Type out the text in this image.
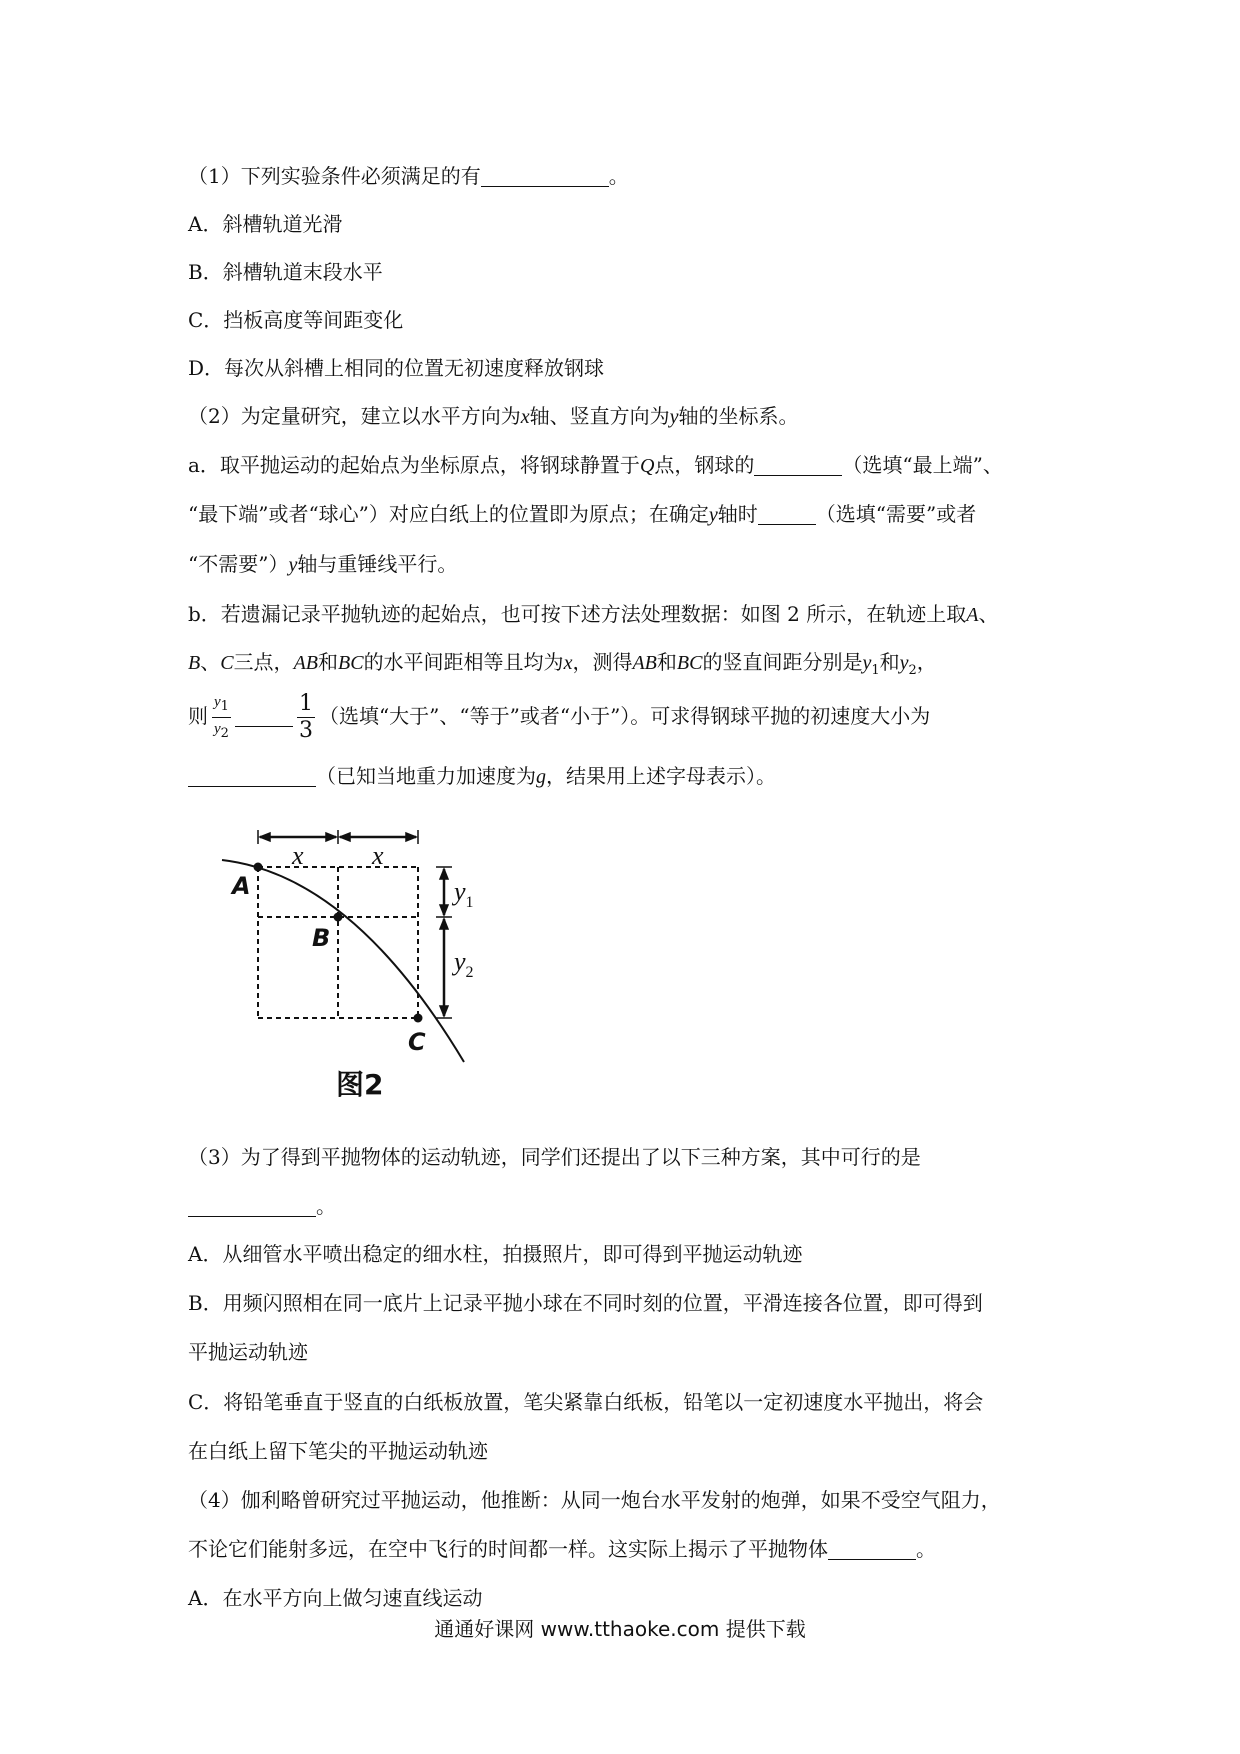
（1）下列实验条件必须满足的有	。
A．斜槽轨道光滑
B．斜槽轨道末段水平
C．挡板高度等间距变化
D．每次从斜槽上相同的位置无初速度释放钢球
（2）为定量研究，建立以水平方向为x轴、竖直方向为y轴的坐标系。
a．取平抛运动的起始点为坐标原点，将钢球静置于Q点，钢球的	（选填“最上端”、
“最下端”或者“球心”）对应白纸上的位置即为原点；在确定y轴时	（选填“需要”或者
“不需要”）y轴与重锤线平行。
b．若遗漏记录平抛轨迹的起始点，也可按下述方法处理数据：如图 2 所示，在轨迹上取A、
B、C三点，AB和BC的水平间距相等且均为x，测得AB和BC的竖直间距分别是$y_1$和$y_2$，
则 $\frac{y_1}{y_2}$	$\frac{1}{3}$ （选填“大于”、“等于”或者“小于”）。可求得钢球平抛的初速度大小为
（已知当地重力加速度为g，结果用上述字母表示）。
x	x
$y_1$
$y_2$
A
B
C
图2
（3）为了得到平抛物体的运动轨迹，同学们还提出了以下三种方案，其中可行的是
。
A．从细管水平喷出稳定的细水柱，拍摄照片，即可得到平抛运动轨迹
B．用频闪照相在同一底片上记录平抛小球在不同时刻的位置，平滑连接各位置，即可得到
平抛运动轨迹
C．将铅笔垂直于竖直的白纸板放置，笔尖紧靠白纸板，铅笔以一定初速度水平抛出，将会
在白纸上留下笔尖的平抛运动轨迹
（4）伽利略曾研究过平抛运动，他推断：从同一炮台水平发射的炮弹，如果不受空气阻力，
不论它们能射多远，在空中飞行的时间都一样。这实际上揭示了平抛物体	。
A．在水平方向上做匀速直线运动
通通好课网 www.tthaoke.com 提供下载
